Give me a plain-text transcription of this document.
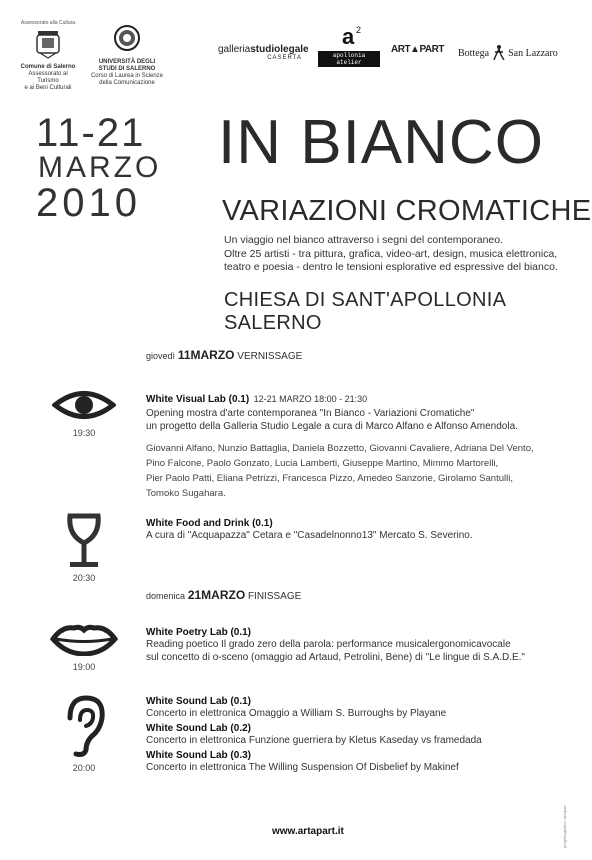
Assessorato alla Cultura
Comune di Salerno
Assessorato al Turismo
e ai Beni Culturali
UNIVERSITÀ DEGLI
STUDI DI SALERNO
Corso di Laurea in Scienze
della Comunicazione
galleriastudiolegale
CASERTA
a 2
apollonia atelier
ART▲PART Bottega San Lazzaro
11-21
MARZO
2010
IN BIANCO
VARIAZIONI CROMATICHE
Un viaggio nel bianco attraverso i segni del contemporaneo.
Oltre 25 artisti - tra pittura, grafica, video-art, design, musica elettronica,
teatro e poesia - dentro le tensioni esplorative ed espressive del bianco.
CHIESA DI SANT'APOLLONIA SALERNO
giovedì 11MARZO VERNISSAGE
19:30
White Visual Lab (0.1) 12-21 MARZO 18:00 - 21:30
Opening mostra d'arte contemporanea "In Bianco - Variazioni Cromatiche"
un progetto della Galleria Studio Legale a cura di Marco Alfano e Alfonso Amendola.
Giovanni Alfano, Nunzio Battaglia, Daniela Bozzetto, Giovanni Cavaliere, Adriana Del Vento,
Pino Falcone, Paolo Gonzato, Lucia Lamberti, Giuseppe Martino, Mimmo Martorelli,
Pier Paolo Patti, Eliana Petrizzi, Francesca Pizzo, Amedeo Sanzone, Girolamo Santulli,
Tomoko Sugahara.
20:30
White Food and Drink (0.1)
A cura di "Acquapazza" Cetara e "Casadelnonno13" Mercato S. Severino.
domenica 21MARZO FINISSAGE
19:00
White Poetry Lab (0.1)
Reading poetico Il grado zero della parola: performance musicalergonomicavocale
sul concetto di o-sceno (omaggio ad Artaud, Petrolini, Bene) di "Le lingue di S.A.D.E."
20:00
White Sound Lab (0.1)
Concerto in elettronica Omaggio a William S. Burroughs by Playane
White Sound Lab (0.2)
Concerto in elettronica Funzione guerriera by Kletus Kaseday vs framedada
White Sound Lab (0.3)
Concerto in elettronica The Willing Suspension Of Disbelief by Makinef
www.artapart.it	progettografico: artapart
